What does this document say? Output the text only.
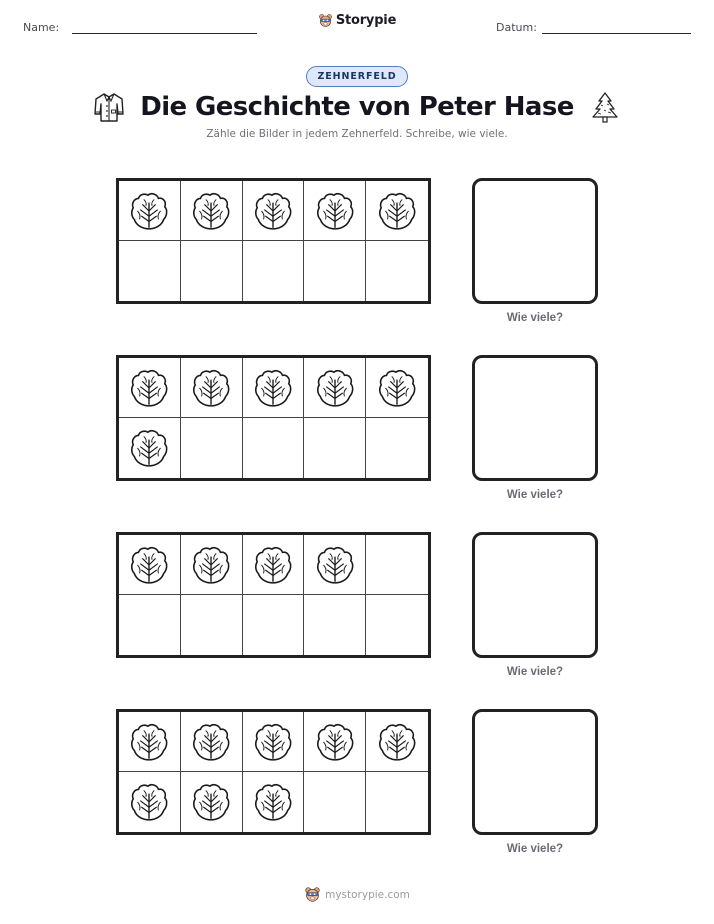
Name:	Storypie	Datum:
ZEHNERFELD
Die Geschichte von Peter Hase
Zähle die Bilder in jedem Zehnerfeld. Schreibe, wie viele.
Wie viele?
Wie viele?
Wie viele?
Wie viele?
mystorypie.com
